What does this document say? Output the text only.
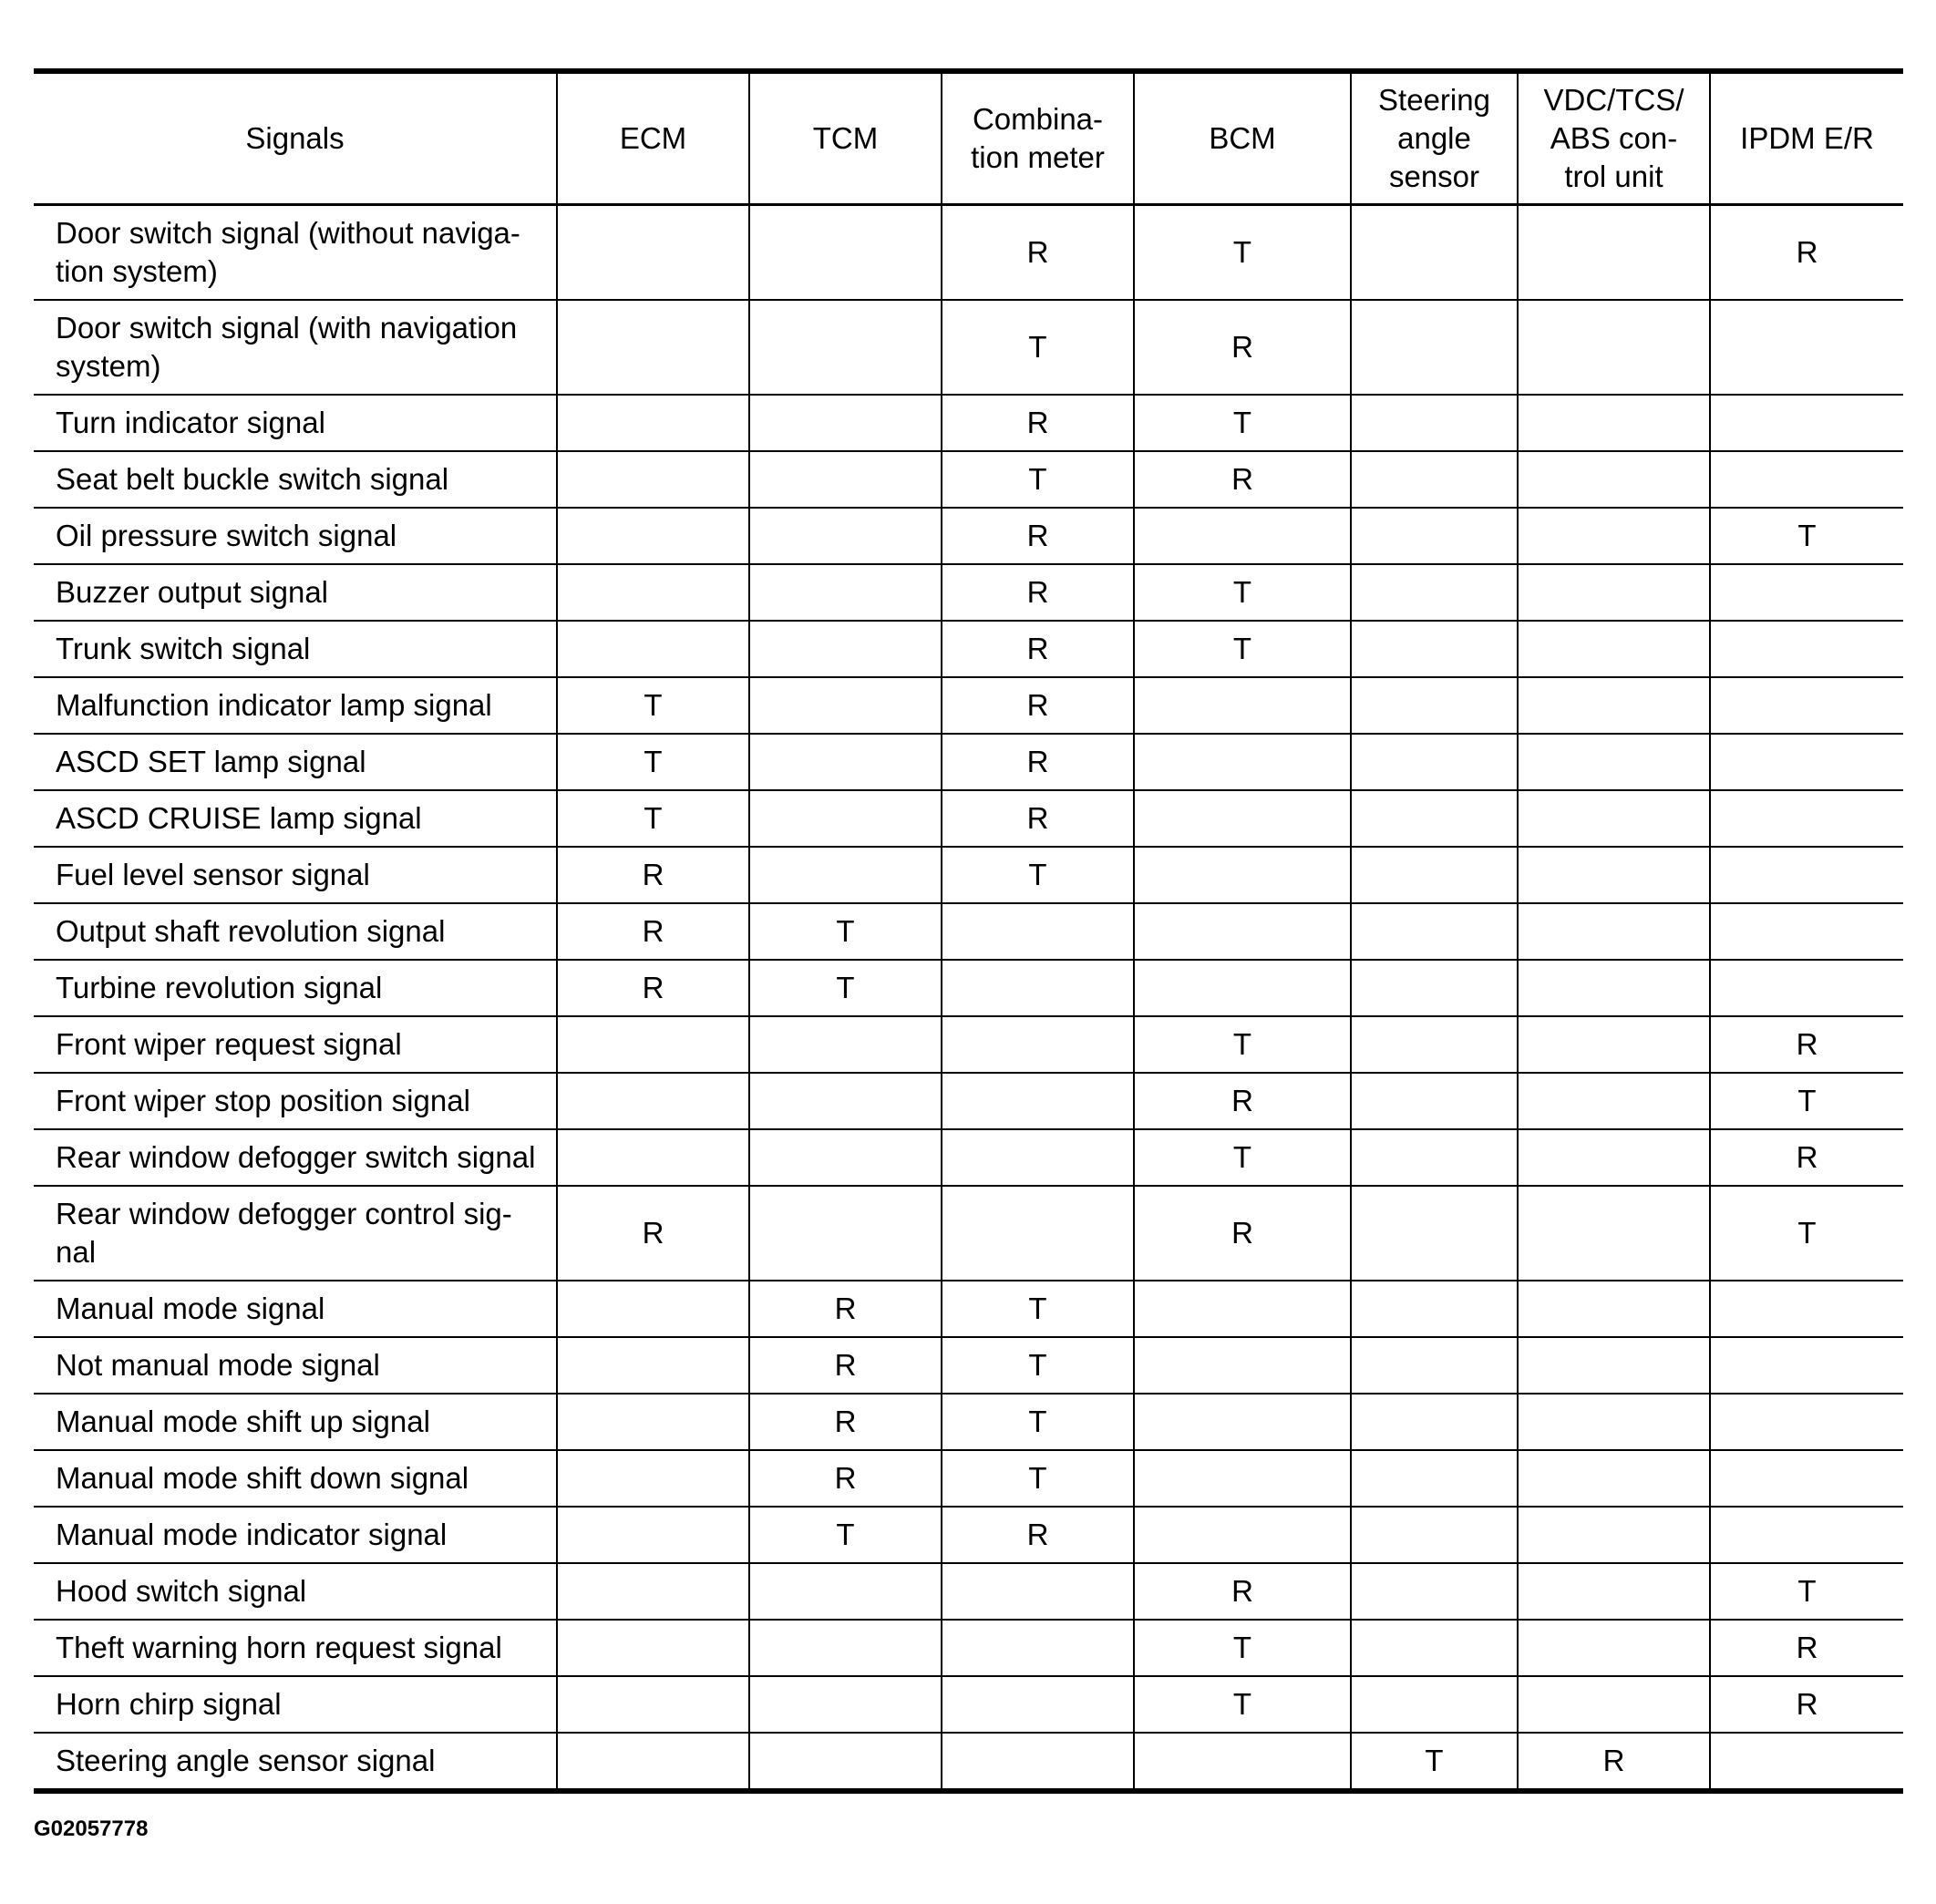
Signals	ECM	TCM	Combina-
tion meter	BCM	Steering
angle
sensor	VDC/TCS/
ABS con-
trol unit	IPDM E/R

Door switch signal (without naviga-
tion system)			R	T			R

Door switch signal (with navigation
system)			T	R			

Turn indicator signal			R	T			

Seat belt buckle switch signal			T	R			

Oil pressure switch signal			R				T

Buzzer output signal			R	T			

Trunk switch signal			R	T			

Malfunction indicator lamp signal	T		R				

ASCD SET lamp signal	T		R				

ASCD CRUISE lamp signal	T		R				

Fuel level sensor signal	R		T				

Output shaft revolution signal	R	T					

Turbine revolution signal	R	T					

Front wiper request signal				T			R

Front wiper stop position signal				R			T

Rear window defogger switch signal				T			R

Rear window defogger control sig-
nal	R			R			T

Manual mode signal		R	T				

Not manual mode signal		R	T				

Manual mode shift up signal		R	T				

Manual mode shift down signal		R	T				

Manual mode indicator signal		T	R				

Hood switch signal				R			T

Theft warning horn request signal				T			R

Horn chirp signal				T			R

Steering angle sensor signal					T	R	
G02057778
